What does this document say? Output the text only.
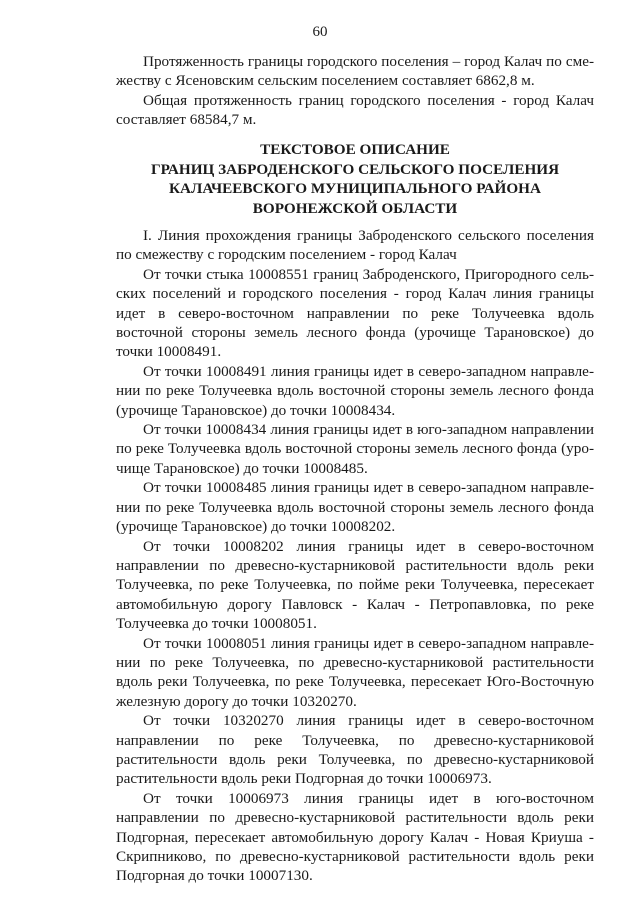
60

Протяженность границы городского поселения – город Калач по смежеству с Ясеновским сельским поселением составляет 6862,8 м.

Общая протяженность границ городского поселения - город Калач составляет 68584,7 м.

ТЕКСТОВОЕ ОПИСАНИЕ
ГРАНИЦ ЗАБРОДЕНСКОГО СЕЛЬСКОГО ПОСЕЛЕНИЯ
КАЛАЧЕЕВСКОГО МУНИЦИПАЛЬНОГО РАЙОНА
ВОРОНЕЖСКОЙ ОБЛАСТИ

I. Линия прохождения границы Заброденского сельского поселения по смежеству с городским поселением - город Калач

От точки стыка 10008551 границ Заброденского, Пригородного сельских поселений и городского поселения - город Калач линия границы идет в северо-восточном направлении по реке Толучеевка вдоль восточной стороны земель лесного фонда (урочище Тарановское) до точки 10008491.

От точки 10008491 линия границы идет в северо-западном направлении по реке Толучеевка вдоль восточной стороны земель лесного фонда (урочище Тарановское) до точки 10008434.

От точки 10008434 линия границы идет в юго-западном направлении по реке Толучеевка вдоль восточной стороны земель лесного фонда (урочище Тарановское) до точки 10008485.

От точки 10008485 линия границы идет в северо-западном направлении по реке Толучеевка вдоль восточной стороны земель лесного фонда (урочище Тарановское) до точки 10008202.

От точки 10008202 линия границы идет в северо-восточном направлении по древесно-кустарниковой растительности вдоль реки Толучеевка, по реке Толучеевка, по пойме реки Толучеевка, пересекает автомобильную дорогу Павловск - Калач - Петропавловка, по реке Толучеевка до точки 10008051.

От точки 10008051 линия границы идет в северо-западном направлении по реке Толучеевка, по древесно-кустарниковой растительности вдоль реки Толучеевка, по реке Толучеевка, пересекает Юго-Восточную железную дорогу до точки 10320270.

От точки 10320270 линия границы идет в северо-восточном направлении по реке Толучеевка, по древесно-кустарниковой растительности вдоль реки Толучеевка, по древесно-кустарниковой растительности вдоль реки Подгорная до точки 10006973.

От точки 10006973 линия границы идет в юго-восточном направлении по древесно-кустарниковой растительности вдоль реки Подгорная, пересекает автомобильную дорогу Калач - Новая Криуша - Скрипниково, по древесно-кустарниковой растительности вдоль реки Подгорная до точки 10007130.
